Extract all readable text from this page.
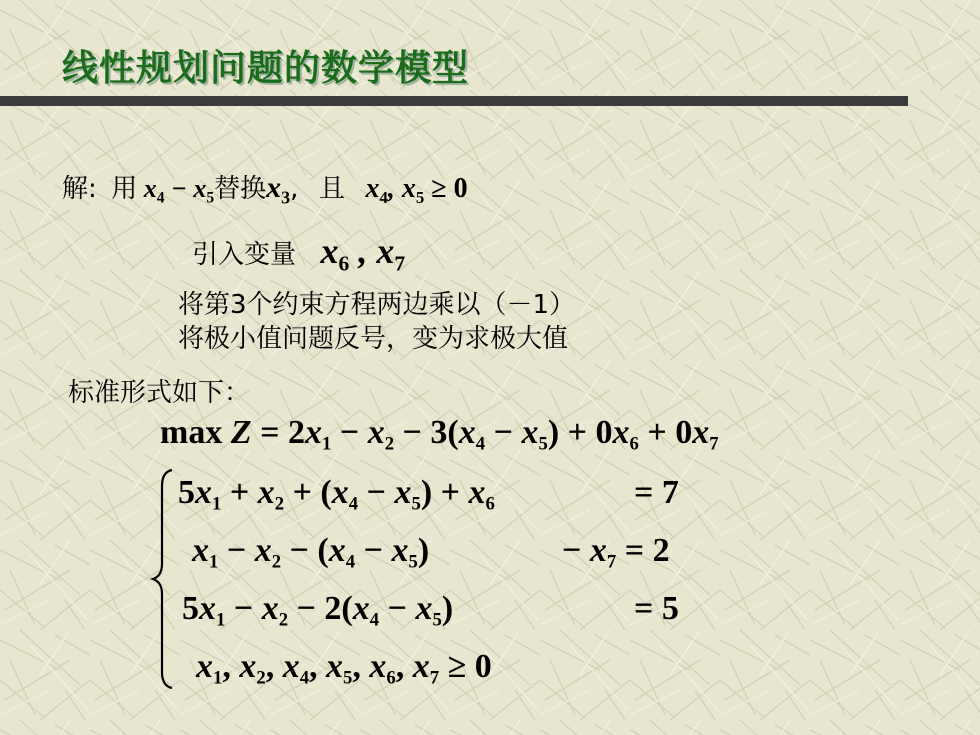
线性规划问题的数学模型
解: 用 $x_4 - x_5$替换$x_3$, 且 $x_4$, $x_5 \ge 0$
引入变量 $x_6$ , $x_7$
将第3个约束方程两边乘以（－1）
将极小值问题反号，变为求极大值
标准形式如下：
$\max Z = 2x_1 - x_2 - 3(x_4 - x_5) + 0x_6 + 0x_7$
$5x_1 + x_2 + (x_4 - x_5) + x_6$	= 7
$x_1 - x_2 - (x_4 - x_5)$	− $x_7 = 2$
$5x_1 - x_2 - 2(x_4 - x_5)$	= 5
$x_1$, $x_2$, $x_4$, $x_5$, $x_6$, $x_7 \ge 0$
